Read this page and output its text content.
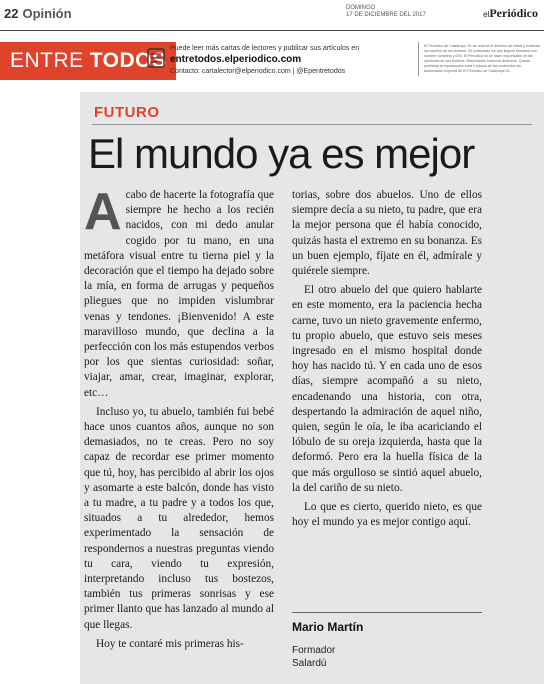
22 Opinión	DOMINGO
17 DE DICIEMBRE DEL 2017	elPeriódico
ENTRE TODOS
Puede leer más cartas de lectores y publicar sus artículos en
entretodos.elperiodico.com
Contacto: cartalector@elperiodico.com | @Epentretodos
El Periódico de Catalunya, SL se reserva el derecho de editar y extractar los escritos de los lectores. Se publicarán los que lleguen firmados con nombre completo y DNI. El Periódico no se hace responsable de las opiniones de sus lectores. Reservados todos los derechos. Queda prohibida la reproducción total o parcial de los contenidos sin autorización expresa de El Periódico de Catalunya SL.
FUTURO
El mundo ya es mejor

Acabo de hacerte la fotografía que siempre he hecho a los recién nacidos, con mi dedo anular cogido por tu mano, en una metáfora visual entre tu tierna piel y la decoración que el tiempo ha dejado sobre la mía, en forma de arrugas y pequeños pliegues que no impiden vislumbrar venas y tendones. ¡Bienvenido! A este maravilloso mundo, que declina a la perfección con los más estupendos verbos por los que sientas curiosidad: soñar, viajar, amar, crear, imaginar, explorar, etc…

Incluso yo, tu abuelo, también fui bebé hace unos cuantos años, aunque no son demasiados, no te creas. Pero no soy capaz de recordar ese primer momento que tú, hoy, has percibido al abrir los ojos y asomarte a este balcón, donde has visto a tu madre, a tu padre y a todos los que, situados a tu alrededor, hemos experimentado la sensación de respondernos a nuestras preguntas viendo tu cara, viendo tu expresión, interpretando incluso tus bostezos, también tus primeras sonrisas y ese primer llanto que has lanzado al mundo al que llegas.

Hoy te contaré mis primeras his-

torias, sobre dos abuelos. Uno de ellos siempre decía a su nieto, tu padre, que era la mejor persona que él había conocido, quizás hasta el extremo en su bonanza. Es un buen ejemplo, fíjate en él, admírale y quiérele siempre.

El otro abuelo del que quiero hablarte en este momento, era la paciencia hecha carne, tuvo un nieto gravemente enfermo, tu propio abuelo, que estuvo seis meses ingresado en el mismo hospital donde hoy has nacido tú. Y en cada uno de esos días, siempre acompañó a su nieto, encadenando una historia, con otra, despertando la admiración de aquel niño, quien, según le oía, le iba acariciando el lóbulo de su oreja izquierda, hasta que la deformó. Pero era la huella física de la que más orgulloso se sintió aquel abuelo, la del cariño de su nieto.

Lo que es cierto, querido nieto, es que hoy el mundo ya es mejor contigo aquí.

Mario Martín
Formador
Salardú
